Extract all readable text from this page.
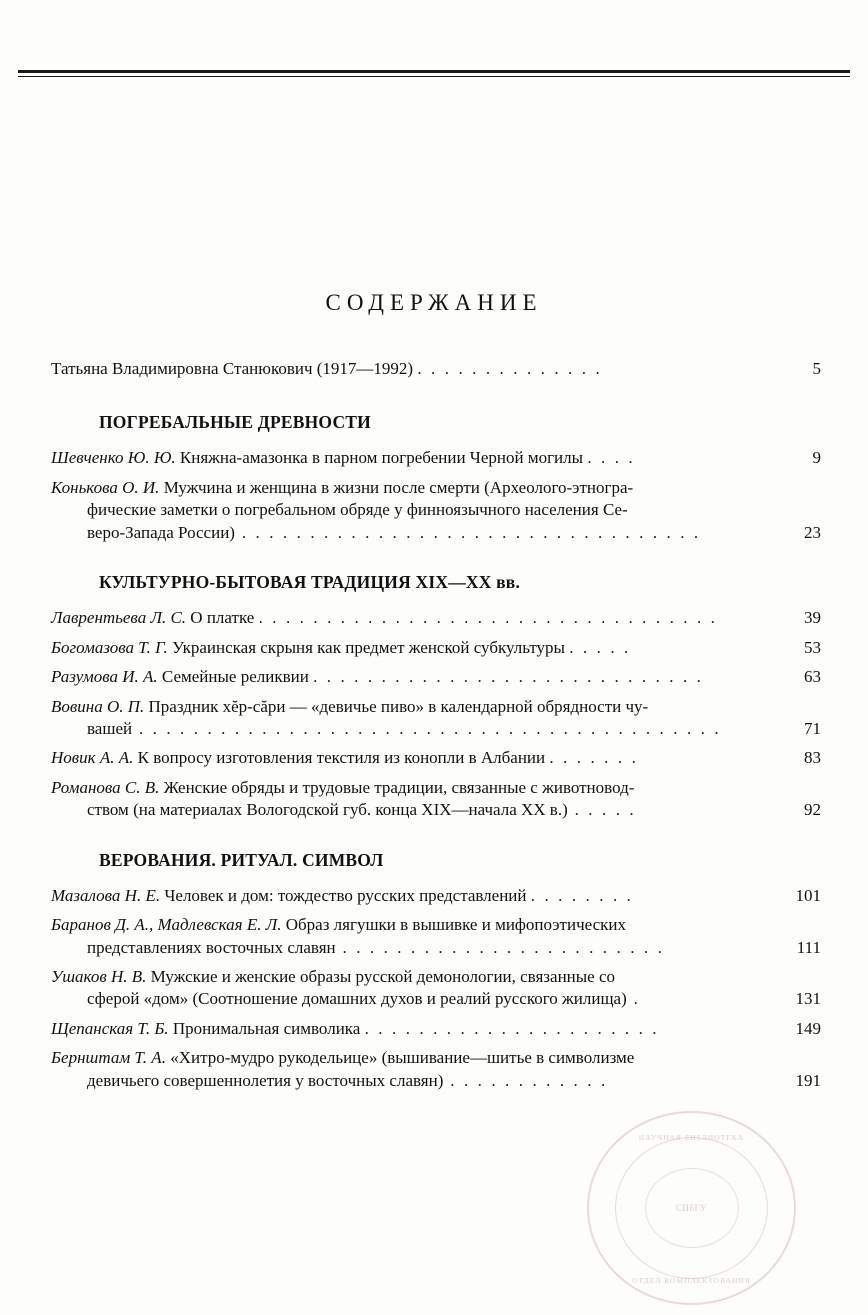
СОДЕРЖАНИЕ
Татьяна Владимировна Станюкович (1917—1992) . . . . . . . . . . . . . .	5
ПОГРЕБАЛЬНЫЕ ДРЕВНОСТИ
Шевченко Ю. Ю. Княжна-амазонка в парном погребении Черной могилы . . . .	9
Конькова О. И. Мужчина и женщина в жизни после смерти (Археолого-этногра-
фические заметки о погребальном обряде у финноязычного населения Се-
веро-Запада России) . . . . . . . . . . . . . . . . . . . . . . . . . . . . . . . . . .	23
КУЛЬТУРНО-БЫТОВАЯ ТРАДИЦИЯ XIX—XX вв.
Лаврентьева Л. С. О платке . . . . . . . . . . . . . . . . . . . . . . . . . . . . . . . . . .	39
Богомазова Т. Г. Украинская скрыня как предмет женской субкультуры . . . . .	53
Разумова И. А. Семейные реликвии . . . . . . . . . . . . . . . . . . . . . . . . . . . . .	63
Вовина О. П. Праздник хĕр-сăри — «девичье пиво» в календарной обрядности чу-
вашей . . . . . . . . . . . . . . . . . . . . . . . . . . . . . . . . . . . . . . . . . . .	71
Новик А. А. К вопросу изготовления текстиля из конопли в Албании . . . . . . .	83
Романова С. В. Женские обряды и трудовые традиции, связанные с животновод-
ством (на материалах Вологодской губ. конца XIX—начала XX в.) . . . . .	92
ВЕРОВАНИЯ. РИТУАЛ. СИМВОЛ
Мазалова Н. Е. Человек и дом: тождество русских представлений . . . . . . . .	101
Баранов Д. А., Мадлевская Е. Л. Образ лягушки в вышивке и мифопоэтических
представлениях восточных славян . . . . . . . . . . . . . . . . . . . . . . . .	111
Ушаков Н. В. Мужские и женские образы русской демонологии, связанные со
сферой «дом» (Соотношение домашних духов и реалий русского жилища) .	131
Щепанская Т. Б. Пронимальная символика . . . . . . . . . . . . . . . . . . . . . .	149
Бернштам Т. А. «Хитро-мудро рукодельице» (вышивание—шитье в символизме
девичьего совершеннолетия у восточных славян) . . . . . . . . . . . .	191
НАУЧНАЯ БИБЛИОТЕКА
СПбГУ
ОТДЕЛ КОМПЛЕКТОВАНИЯ
